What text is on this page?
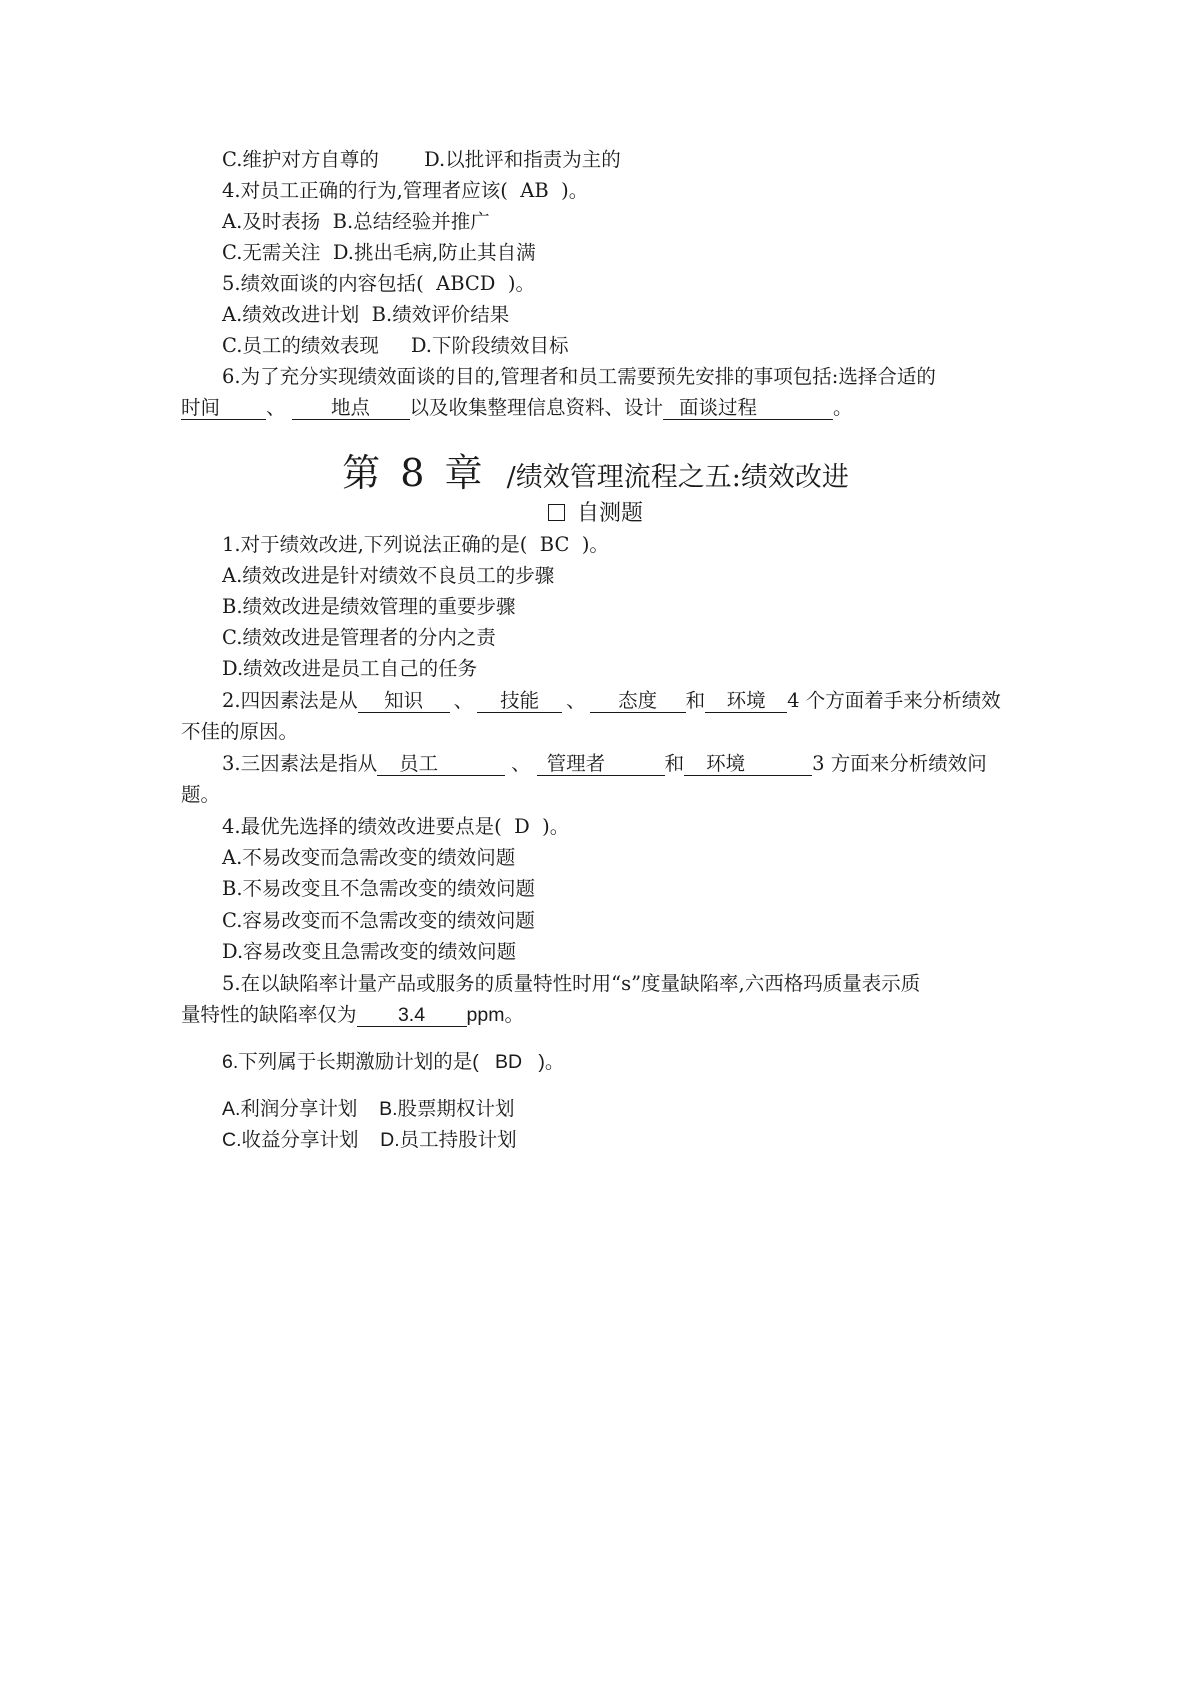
C.维护对方自尊的　　 D.以批评和指责为主的
4.对员工正确的行为,管理者应该(  AB  )。
A.及时表扬  B.总结经验并推广
C.无需关注  D.挑出毛病,防止其自满
5.绩效面谈的内容包括(  ABCD  )。
A.绩效改进计划  B.绩效评价结果
C.员工的绩效表现　  D.下阶段绩效目标
6.为了充分实现绩效面谈的目的,管理者和员工需要预先安排的事项包括:选择合适的
时间 、 地点 以及收集整理信息资料、设计 面谈过程	。
第 8 章 /绩效管理流程之五:绩效改进
自测题
1.对于绩效改进,下列说法正确的是(  BC  )。
A.绩效改进是针对绩效不良员工的步骤
B.绩效改进是绩效管理的重要步骤
C.绩效改进是管理者的分内之责
D.绩效改进是员工自己的任务
2.四因素法是从 知识 、 技能 、 态度 和 环境 4 个方面着手来分析绩效
不佳的原因。
3.三因素法是指从 员工	、 管理者	和 环境	3 方面来分析绩效问
题。
4.最优先选择的绩效改进要点是(  D  )。
A.不易改变而急需改变的绩效问题
B.不易改变且不急需改变的绩效问题
C.容易改变而不急需改变的绩效问题
D.容易改变且急需改变的绩效问题
5.在以缺陷率计量产品或服务的质量特性时用“s”度量缺陷率,六西格玛质量表示质
量特性的缺陷率仅为 3.4 ppm。
6.下列属于长期激励计划的是(   BD   )。
A.利润分享计划    B.股票期权计划
C.收益分享计划    D.员工持股计划
